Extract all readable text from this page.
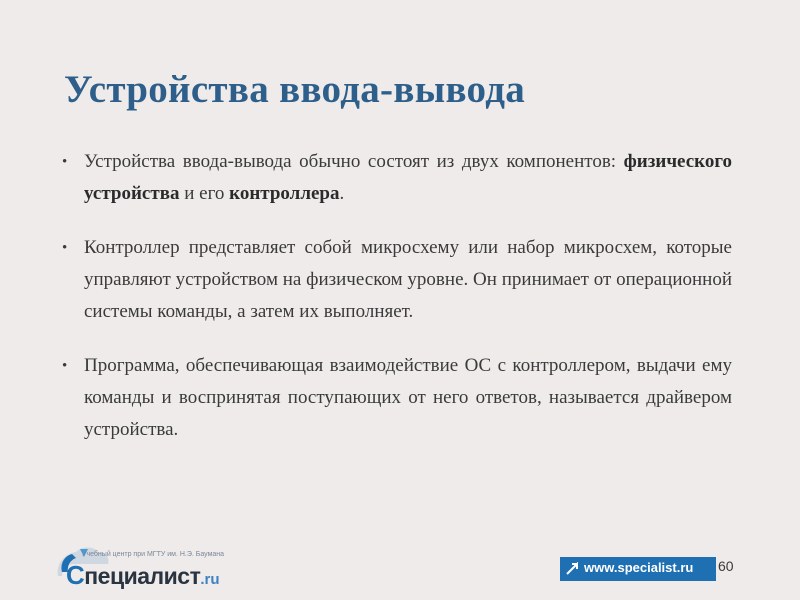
Устройства ввода-вывода
• Устройства ввода-вывода обычно состоят из двух компонентов: физического устройства и его контроллера.
• Контроллер представляет собой микросхему или набор микросхем, которые управляют устройством на физическом уровне. Он принимает от операционной системы команды, а затем их выполняет.
• Программа, обеспечивающая взаимодействие ОС с контроллером, выдачи ему команды и воспринятая поступающих от него ответов, называется драйвером устройства.
Учебный центр при МГТУ им. Н.Э. Баумана
Специалист.ru
www.specialist.ru 60
